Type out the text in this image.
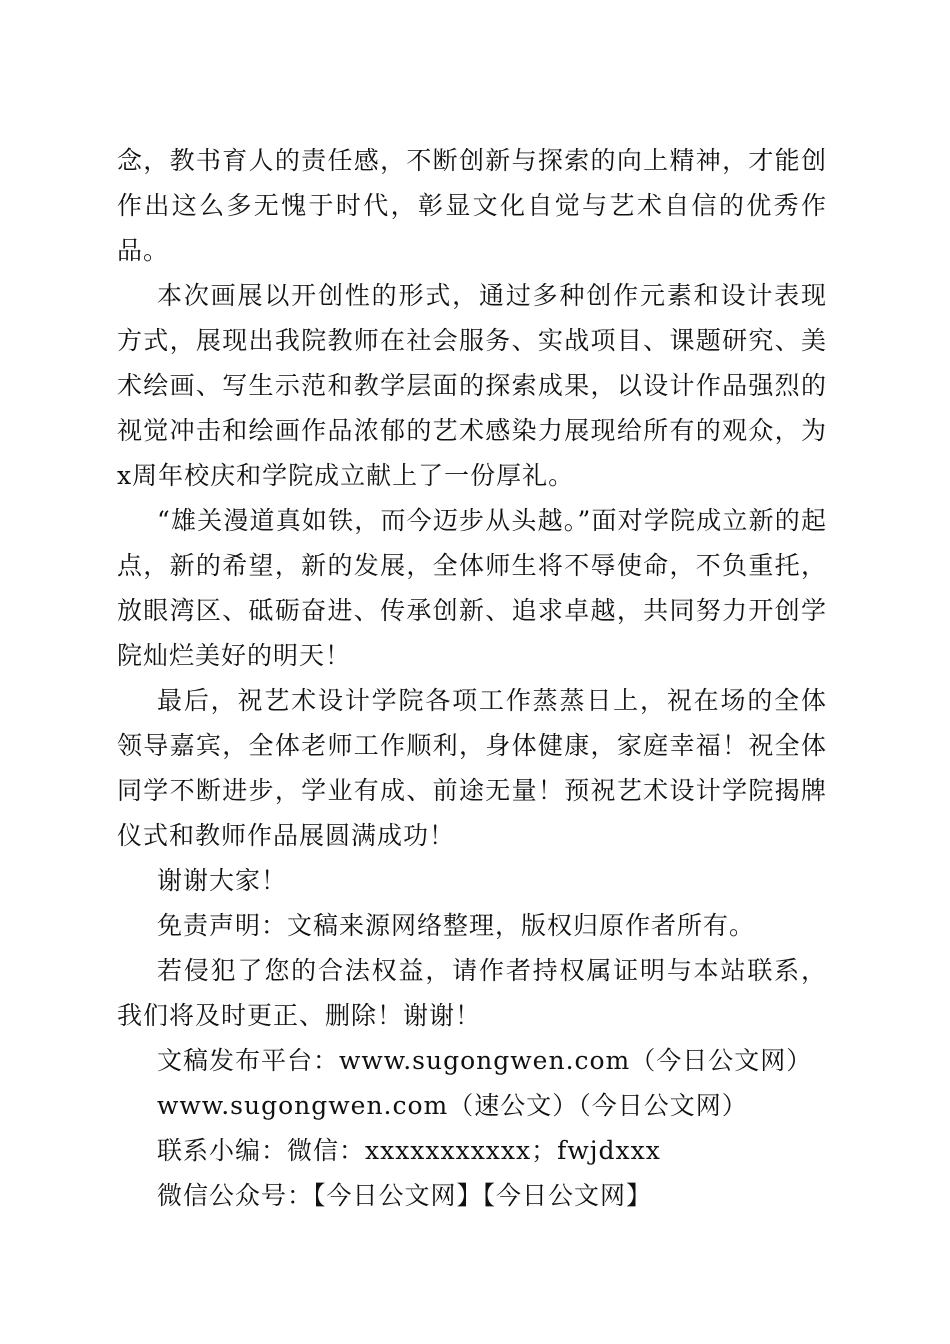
念，教书育人的责任感，不断创新与探索的向上精神，才能创作出这么多无愧于时代，彰显文化自觉与艺术自信的优秀作品。

本次画展以开创性的形式，通过多种创作元素和设计表现方式，展现出我院教师在社会服务、实战项目、课题研究、美术绘画、写生示范和教学层面的探索成果，以设计作品强烈的视觉冲击和绘画作品浓郁的艺术感染力展现给所有的观众，为x周年校庆和学院成立献上了一份厚礼。

“雄关漫道真如铁，而今迈步从头越。”面对学院成立新的起点，新的希望，新的发展，全体师生将不辱使命，不负重托，放眼湾区、砥砺奋进、传承创新、追求卓越，共同努力开创学院灿烂美好的明天！

最后，祝艺术设计学院各项工作蒸蒸日上，祝在场的全体领导嘉宾，全体老师工作顺利，身体健康，家庭幸福！祝全体同学不断进步，学业有成、前途无量！预祝艺术设计学院揭牌仪式和教师作品展圆满成功！

谢谢大家！

免责声明：文稿来源网络整理，版权归原作者所有。

若侵犯了您的合法权益，请作者持权属证明与本站联系，我们将及时更正、删除！谢谢！

文稿发布平台：www.sugongwen.com（今日公文网）

www.sugongwen.com（速公文）（今日公文网）

联系小编：微信：xxxxxxxxxxx；fwjdxxx

微信公众号：【今日公文网】【今日公文网】
